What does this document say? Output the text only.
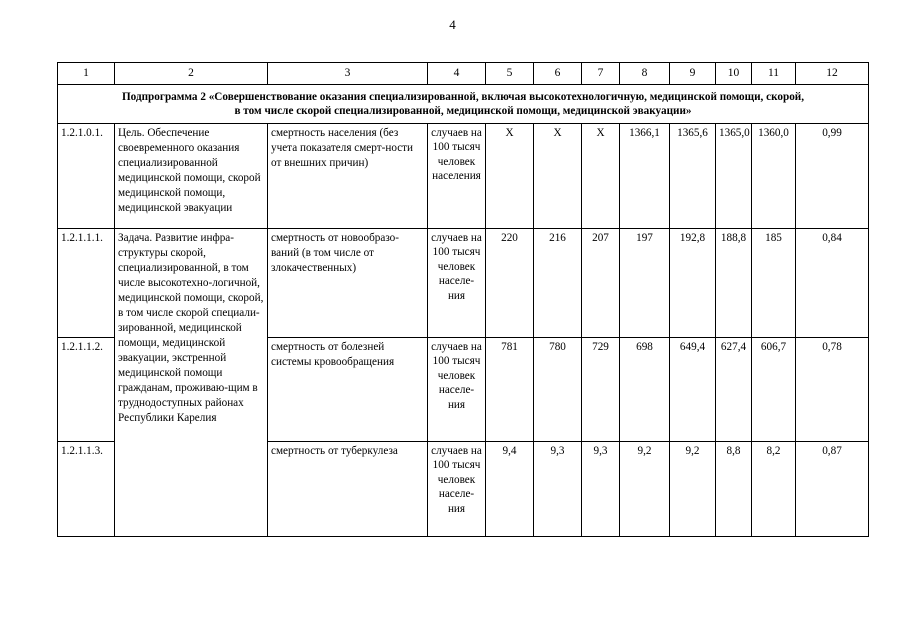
4
1	2	3	4	5	6	7	8	9	10	11	12
Подпрограмма 2 «Совершенствование оказания специализированной, включая высокотехнологичную, медицинской помощи, скорой,
в том числе скорой специализированной, медицинской помощи, медицинской эвакуации»											
1.2.1.0.1.	Цель. Обеспечение своевременного оказания специализированной медицинской помощи, скорой медицинской помощи, медицинской эвакуации	смертность населения (без учета показателя смерт-ности от внешних причин)	случаев на 100 тысяч человек населения	Х	Х	Х	1366,1	1365,6	1365,0	1360,0	0,99
1.2.1.1.1.	Задача. Развитие инфра-структуры скорой, специализированной, в том числе высокотехно-логичной, медицинской помощи, скорой, в том числе скорой специали-зированной, медицинской помощи, медицинской эвакуации, экстренной медицинской помощи гражданам, проживаю-щим в труднодоступных районах Республики Карелия	смертность от новообразо-ваний (в том числе от злокачественных)	случаев на 100 тысяч человек населе-ния	220	216	207	197	192,8	188,8	185	0,84
1.2.1.1.2.		смертность от болезней системы кровообращения	случаев на 100 тысяч человек населе-ния	781	780	729	698	649,4	627,4	606,7	0,78
1.2.1.1.3.		смертность от туберкулеза	случаев на 100 тысяч человек населе-ния	9,4	9,3	9,3	9,2	9,2	8,8	8,2	0,87
